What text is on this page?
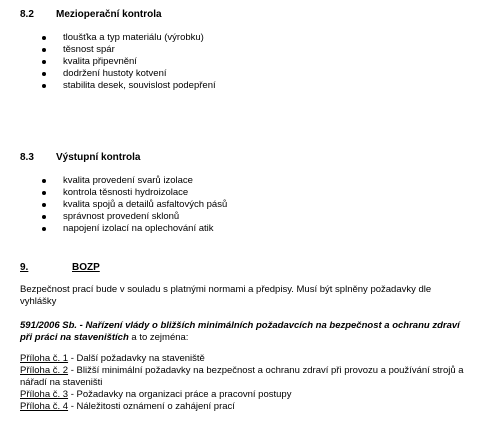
8.2 Mezioperační kontrola
tloušťka a typ materiálu (výrobku)
těsnost spár
kvalita připevnění
dodržení hustoty kotvení
stabilita desek, souvislost podepření
8.3 Výstupní kontrola
kvalita provedení svarů izolace
kontrola těsnosti hydroizolace
kvalita spojů a detailů asfaltových pásů
správnost provedení sklonů
napojení izolací na oplechování atik
9.	BOZP

Bezpečnost prací bude v souladu s platnými normami a předpisy. Musí být splněny požadavky dle vyhlášky

591/2006 Sb. - Nařízení vlády o bližších minimálních požadavcích na bezpečnost a ochranu zdraví při práci na staveništích a to zejména:

Příloha č. 1 - Další požadavky na staveniště
Příloha č. 2 - Bližší minimální požadavky na bezpečnost a ochranu zdraví při provozu a používání strojů a nářadí na staveništi
Příloha č. 3 - Požadavky na organizaci práce a pracovní postupy
Příloha č. 4 - Náležitosti oznámení o zahájení prací
